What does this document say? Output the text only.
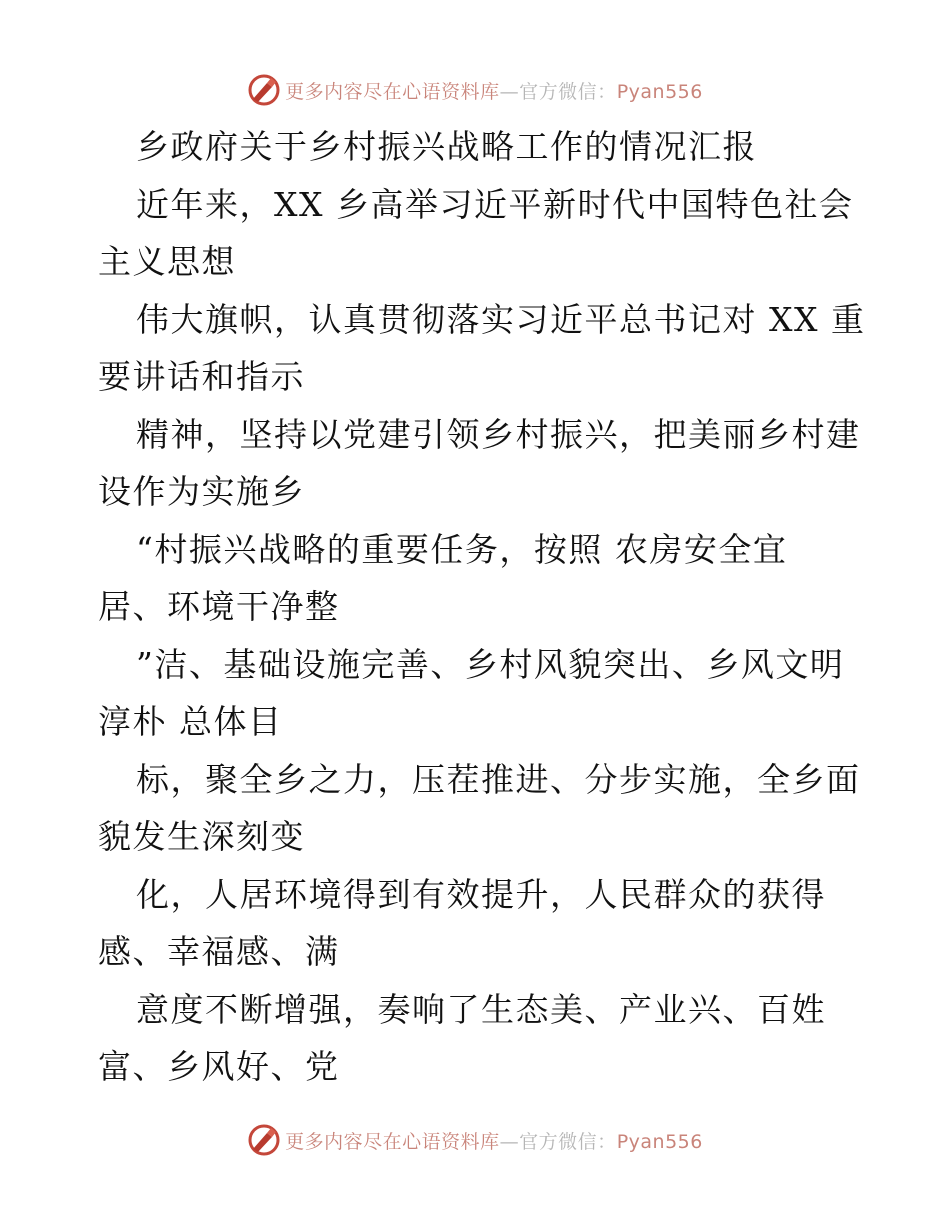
更多内容尽在心语资料库—官方微信：Pyan556
乡政府关于乡村振兴战略工作的情况汇报
近年来，XX 乡高举习近平新时代中国特色社会
主义思想
伟大旗帜，认真贯彻落实习近平总书记对 XX 重
要讲话和指示
精神，坚持以党建引领乡村振兴，把美丽乡村建
设作为实施乡
“村振兴战略的重要任务，按照 农房安全宜
居、环境干净整
”洁、基础设施完善、乡村风貌突出、乡风文明
淳朴 总体目
标，聚全乡之力，压茬推进、分步实施，全乡面
貌发生深刻变
化，人居环境得到有效提升，人民群众的获得
感、幸福感、满
意度不断增强，奏响了生态美、产业兴、百姓
富、乡风好、党
更多内容尽在心语资料库—官方微信：Pyan556
